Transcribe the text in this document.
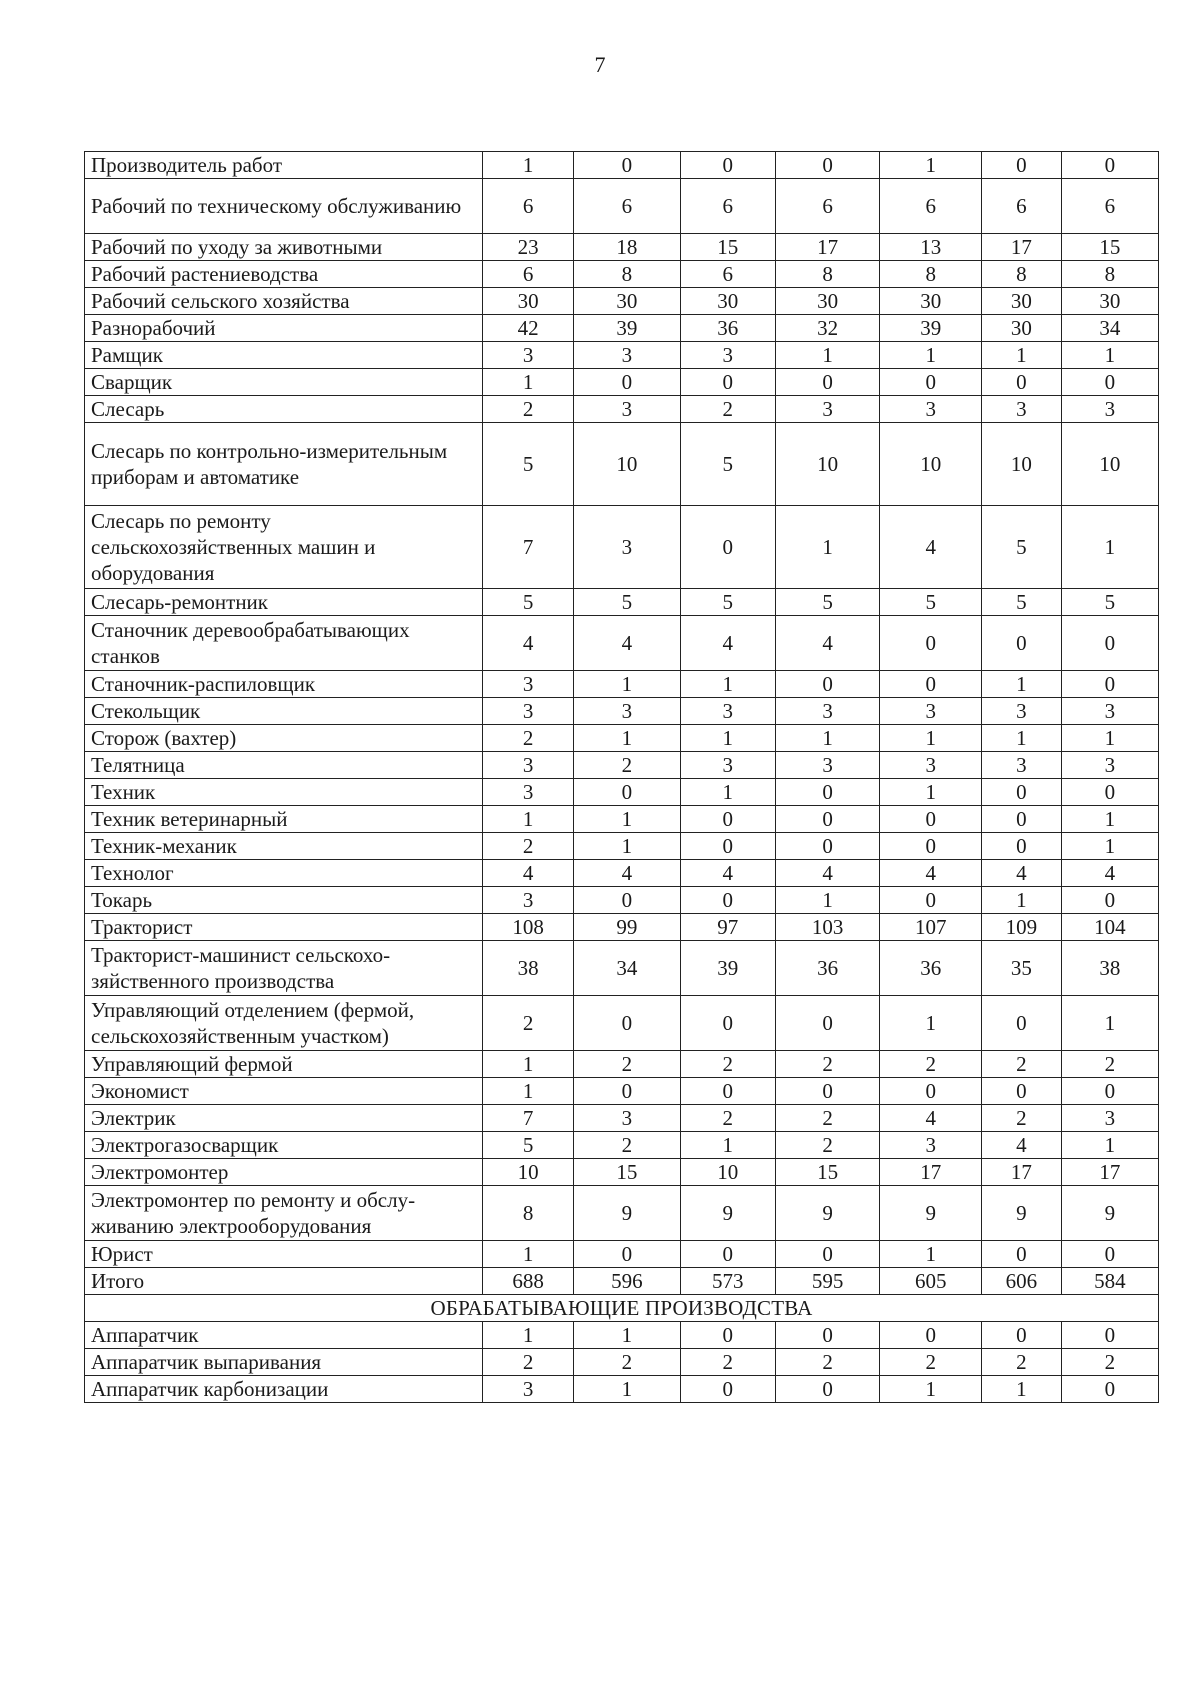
7
Производитель работ	1	0	0	0	1	0	0
Рабочий по техническому обслуживанию	6	6	6	6	6	6	6
Рабочий по уходу за животными	23	18	15	17	13	17	15
Рабочий растениеводства	6	8	6	8	8	8	8
Рабочий сельского хозяйства	30	30	30	30	30	30	30
Разнорабочий	42	39	36	32	39	30	34
Рамщик	3	3	3	1	1	1	1
Сварщик	1	0	0	0	0	0	0
Слесарь	2	3	2	3	3	3	3
Слесарь по контрольно-измерительным приборам и автоматике	5	10	5	10	10	10	10
Слесарь по ремонту сельскохозяйственных машин и оборудования	7	3	0	1	4	5	1
Слесарь-ремонтник	5	5	5	5	5	5	5
Станочник деревообрабатывающих станков	4	4	4	4	0	0	0
Станочник-распиловщик	3	1	1	0	0	1	0
Стекольщик	3	3	3	3	3	3	3
Сторож (вахтер)	2	1	1	1	1	1	1
Телятница	3	2	3	3	3	3	3
Техник	3	0	1	0	1	0	0
Техник ветеринарный	1	1	0	0	0	0	1
Техник-механик	2	1	0	0	0	0	1
Технолог	4	4	4	4	4	4	4
Токарь	3	0	0	1	0	1	0
Тракторист	108	99	97	103	107	109	104
Тракторист-машинист сельскохо-зяйственного производства	38	34	39	36	36	35	38
Управляющий отделением (фермой, сельскохозяйственным участком)	2	0	0	0	1	0	1
Управляющий фермой	1	2	2	2	2	2	2
Экономист	1	0	0	0	0	0	0
Электрик	7	3	2	2	4	2	3
Электрогазосварщик	5	2	1	2	3	4	1
Электромонтер	10	15	10	15	17	17	17
Электромонтер по ремонту и обслу-живанию электрооборудования	8	9	9	9	9	9	9
Юрист	1	0	0	0	1	0	0
Итого	688	596	573	595	605	606	584
ОБРАБАТЫВАЮЩИЕ ПРОИЗВОДСТВА							
Аппаратчик	1	1	0	0	0	0	0
Аппаратчик выпаривания	2	2	2	2	2	2	2
Аппаратчик карбонизации	3	1	0	0	1	1	0
